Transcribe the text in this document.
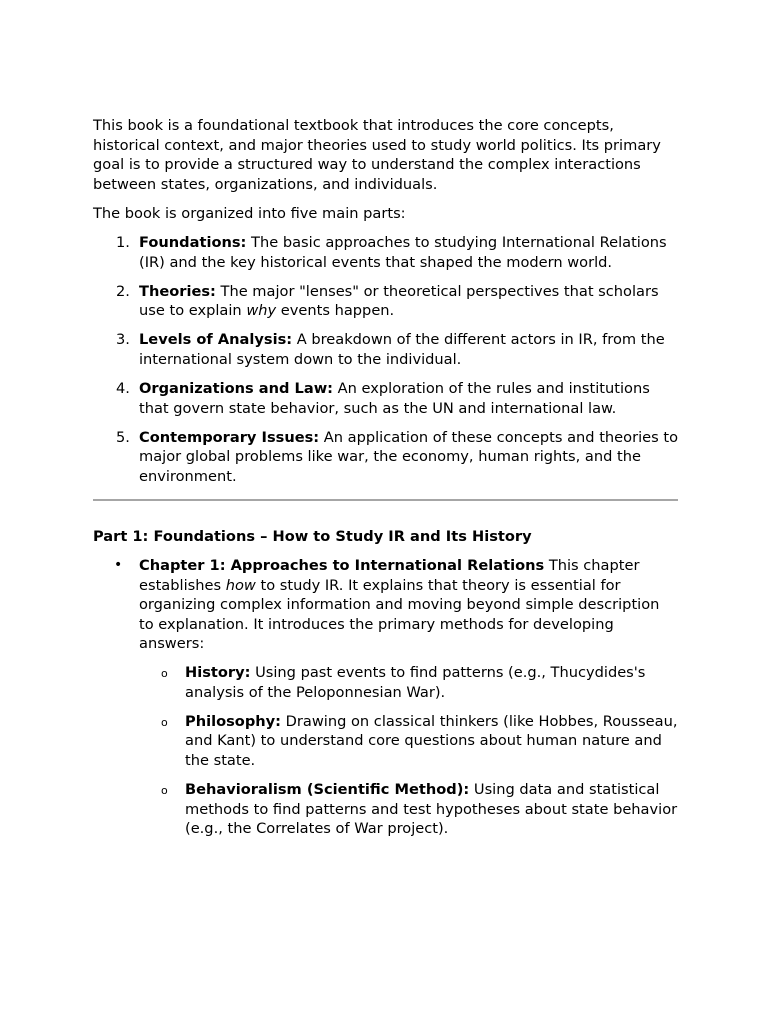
This book is a foundational textbook that introduces the core concepts, historical context, and major theories used to study world politics. Its primary goal is to provide a structured way to understand the complex interactions between states, organizations, and individuals.

The book is organized into five main parts:

1. Foundations: The basic approaches to studying International Relations (IR) and the key historical events that shaped the modern world.
2. Theories: The major "lenses" or theoretical perspectives that scholars use to explain why events happen.
3. Levels of Analysis: A breakdown of the different actors in IR, from the international system down to the individual.
4. Organizations and Law: An exploration of the rules and institutions that govern state behavior, such as the UN and international law.
5. Contemporary Issues: An application of these concepts and theories to major global problems like war, the economy, human rights, and the environment.

Part 1: Foundations – How to Study IR and Its History

• Chapter 1: Approaches to International Relations This chapter establishes how to study IR. It explains that theory is essential for organizing complex information and moving beyond simple description to explanation. It introduces the primary methods for developing answers:
o History: Using past events to find patterns (e.g., Thucydides's analysis of the Peloponnesian War).
o Philosophy: Drawing on classical thinkers (like Hobbes, Rousseau, and Kant) to understand core questions about human nature and the state.
o Behavioralism (Scientific Method): Using data and statistical methods to find patterns and test hypotheses about state behavior (e.g., the Correlates of War project).
